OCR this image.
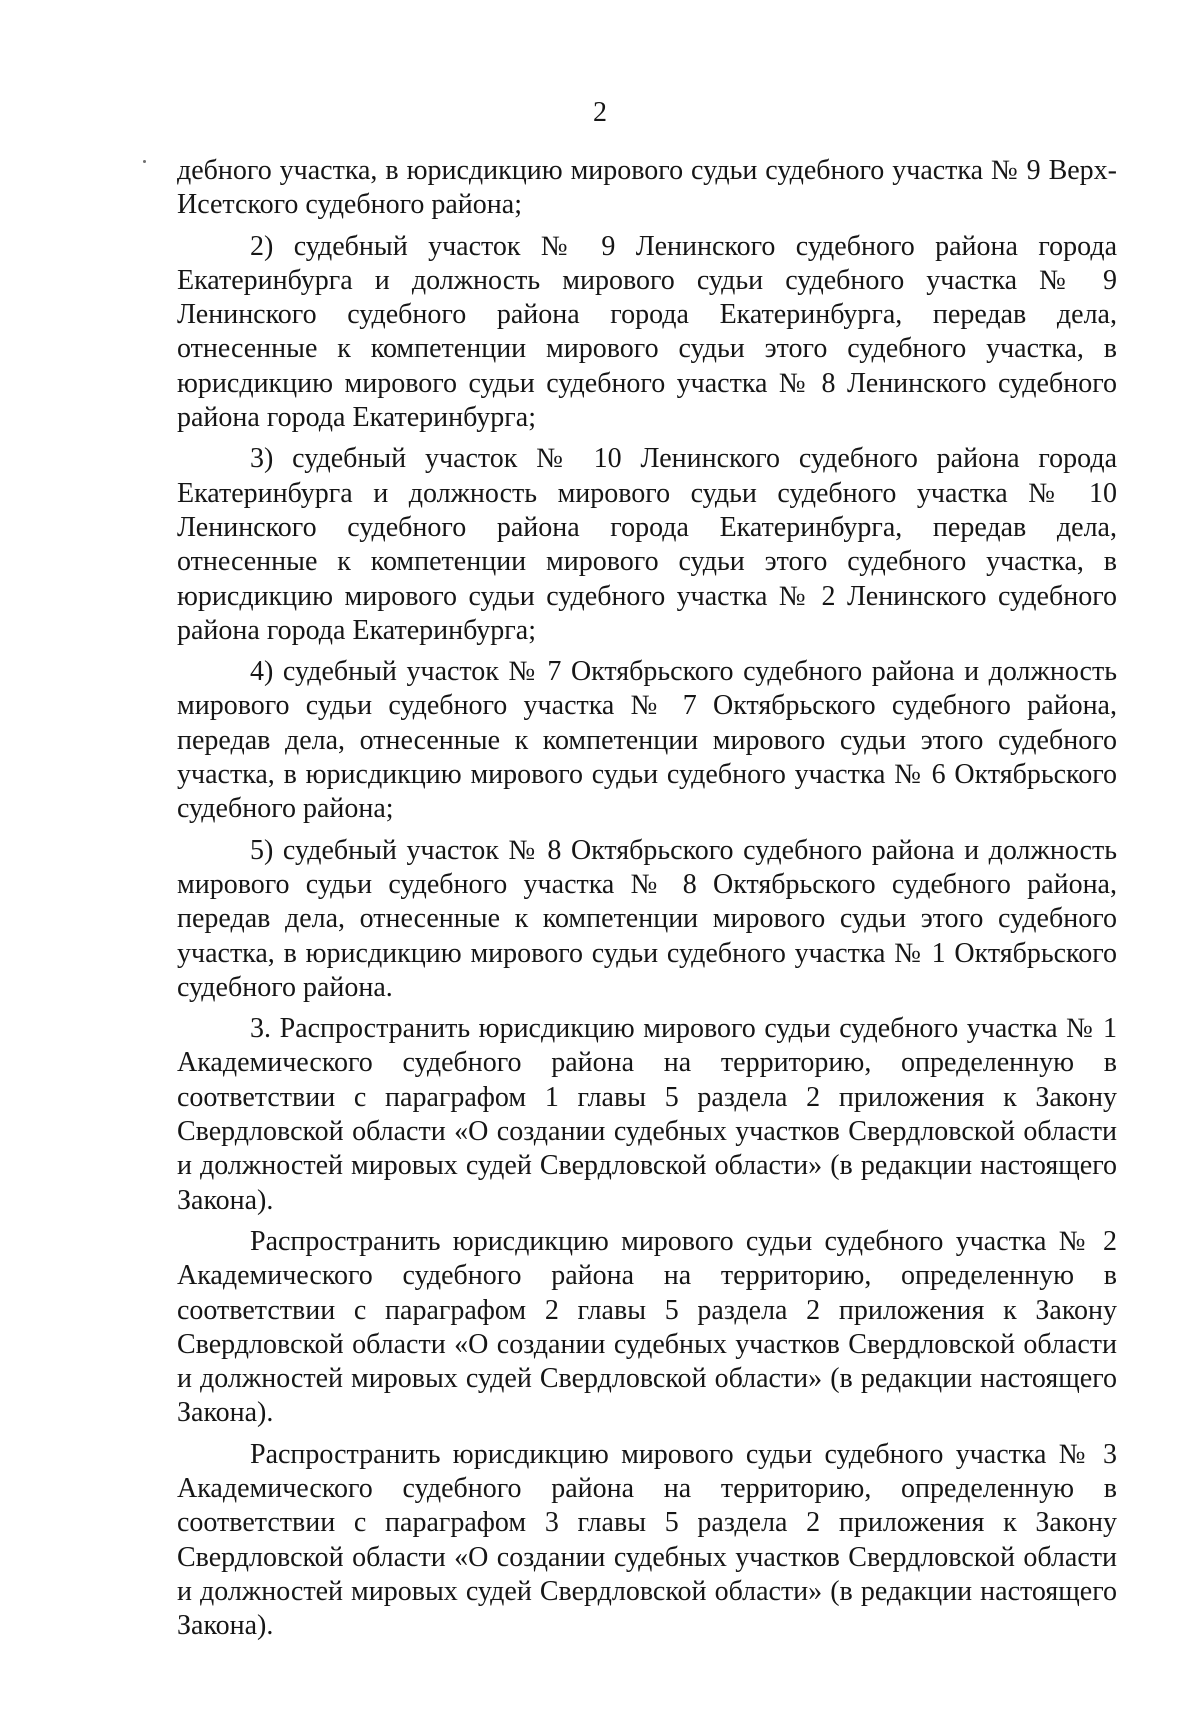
2

дебного участка, в юрисдикцию мирового судьи судебного участка № 9 Верх-Исетского судебного района;

2) судебный участок № 9 Ленинского судебного района города Екатеринбурга и должность мирового судьи судебного участка № 9 Ленинского судебного района города Екатеринбурга, передав дела, отнесенные к компетенции мирового судьи этого судебного участка, в юрисдикцию мирового судьи судебного участка № 8 Ленинского судебного района города Екатеринбурга;

3) судебный участок № 10 Ленинского судебного района города Екатеринбурга и должность мирового судьи судебного участка № 10 Ленинского судебного района города Екатеринбурга, передав дела, отнесенные к компетенции мирового судьи этого судебного участка, в юрисдикцию мирового судьи судебного участка № 2 Ленинского судебного района города Екатеринбурга;

4) судебный участок № 7 Октябрьского судебного района и должность мирового судьи судебного участка № 7 Октябрьского судебного района, передав дела, отнесенные к компетенции мирового судьи этого судебного участка, в юрисдикцию мирового судьи судебного участка № 6 Октябрьского судебного района;

5) судебный участок № 8 Октябрьского судебного района и должность мирового судьи судебного участка № 8 Октябрьского судебного района, передав дела, отнесенные к компетенции мирового судьи этого судебного участка, в юрисдикцию мирового судьи судебного участка № 1 Октябрьского судебного района.

3. Распространить юрисдикцию мирового судьи судебного участка № 1 Академического судебного района на территорию, определенную в соответствии с параграфом 1 главы 5 раздела 2 приложения к Закону Свердловской области «О создании судебных участков Свердловской области и должностей мировых судей Свердловской области» (в редакции настоящего Закона).

Распространить юрисдикцию мирового судьи судебного участка № 2 Академического судебного района на территорию, определенную в соответствии с параграфом 2 главы 5 раздела 2 приложения к Закону Свердловской области «О создании судебных участков Свердловской области и должностей мировых судей Свердловской области» (в редакции настоящего Закона).

Распространить юрисдикцию мирового судьи судебного участка № 3 Академического судебного района на территорию, определенную в соответствии с параграфом 3 главы 5 раздела 2 приложения к Закону Свердловской области «О создании судебных участков Свердловской области и должностей мировых судей Свердловской области» (в редакции настоящего Закона).
